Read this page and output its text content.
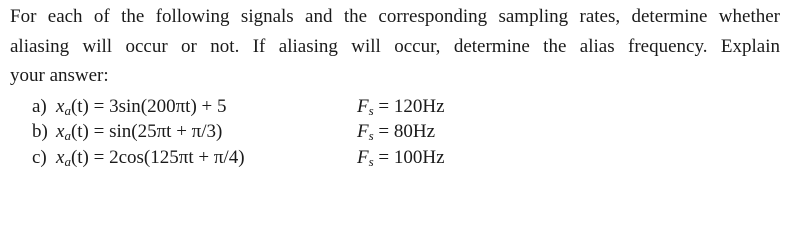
For each of the following signals and the corresponding sampling rates, determine whether
aliasing will occur or not. If aliasing will occur, determine the alias frequency. Explain
your answer:

a) $x_a(t) = 3\sin(200\pi t) + 5$	$F_s = 120Hz$
b) $x_a(t) = \sin(25\pi t + \pi/3)$	$F_s = 80Hz$
c) $x_a(t) = 2\cos(125\pi t + \pi/4)$	$F_s = 100Hz$
